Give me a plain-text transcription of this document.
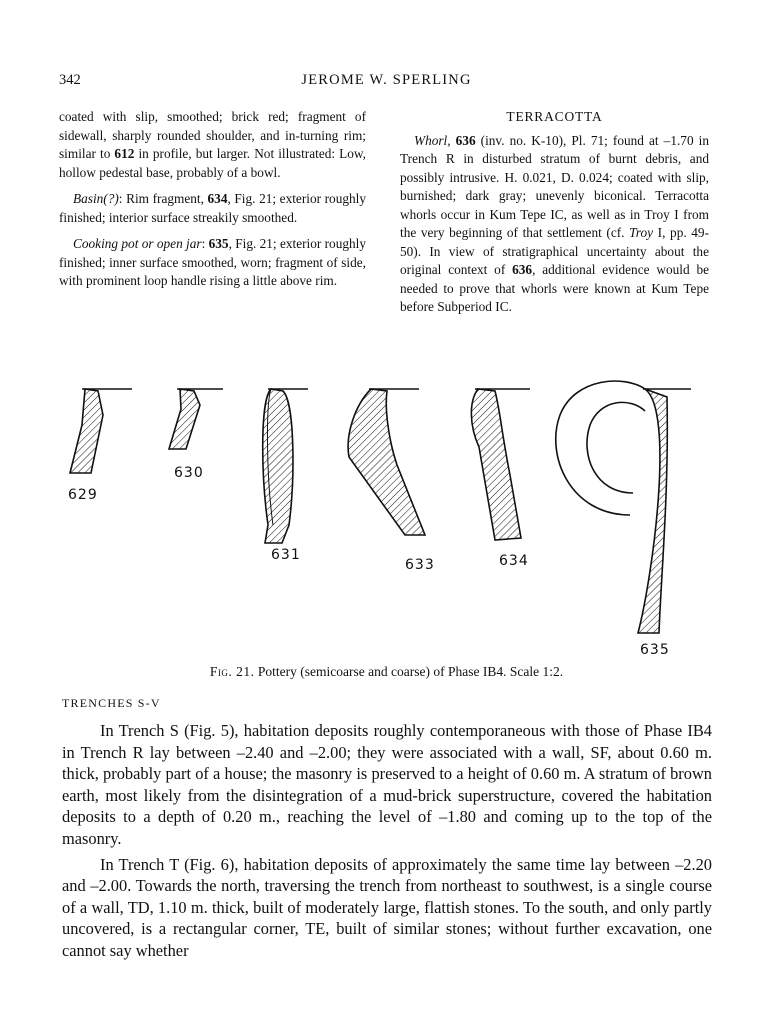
342	JEROME W. SPERLING

coated with slip, smoothed; brick red; fragment of sidewall, sharply rounded shoulder, and in-turning rim; similar to 612 in profile, but larger. Not illustrated: Low, hollow pedestal base, probably of a bowl.

Basin(?): Rim fragment, 634, Fig. 21; exterior roughly finished; interior surface streakily smoothed.

Cooking pot or open jar: 635, Fig. 21; exterior roughly finished; inner surface smoothed, worn; fragment of side, with prominent loop handle rising a little above rim.

TERRACOTTA

Whorl, 636 (inv. no. K-10), Pl. 71; found at –1.70 in Trench R in disturbed stratum of burnt debris, and possibly intrusive. H. 0.021, D. 0.024; coated with slip, burnished; dark gray; unevenly biconical. Terracotta whorls occur in Kum Tepe IC, as well as in Troy I from the very beginning of that settlement (cf. Troy I, pp. 49-50). In view of stratigraphical uncertainty about the original context of 636, additional evidence would be needed to prove that whorls were known at Kum Tepe before Subperiod IC.

629
630
631
633	634
635
Fig. 21. Pottery (semicoarse and coarse) of Phase IB4. Scale 1:2.
TRENCHES S-V

In Trench S (Fig. 5), habitation deposits roughly contemporaneous with those of Phase IB4 in Trench R lay between –2.40 and –2.00; they were associated with a wall, SF, about 0.60 m. thick, probably part of a house; the masonry is preserved to a height of 0.60 m. A stratum of brown earth, most likely from the disintegration of a mud-brick superstructure, covered the habitation deposits to a depth of 0.20 m., reaching the level of –1.80 and coming up to the top of the masonry.

In Trench T (Fig. 6), habitation deposits of approximately the same time lay between –2.20 and –2.00. Towards the north, traversing the trench from northeast to southwest, is a single course of a wall, TD, 1.10 m. thick, built of moderately large, flattish stones. To the south, and only partly uncovered, is a rectangular corner, TE, built of similar stones; without further excavation, one cannot say whether
